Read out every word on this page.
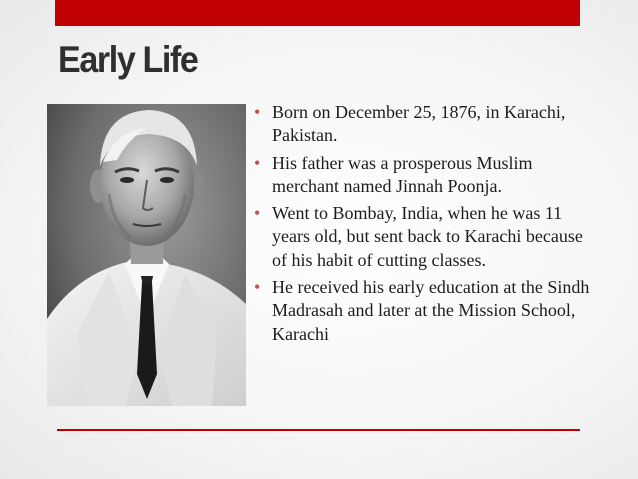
Early Life
• Born on December 25, 1876, in Karachi, Pakistan.
• His father was a prosperous Muslim merchant named Jinnah Poonja.
• Went to Bombay, India, when he was 11 years old, but sent back to Karachi because of his habit of cutting classes.
• He received his early education at the Sindh Madrasah and later at the Mission School, Karachi
